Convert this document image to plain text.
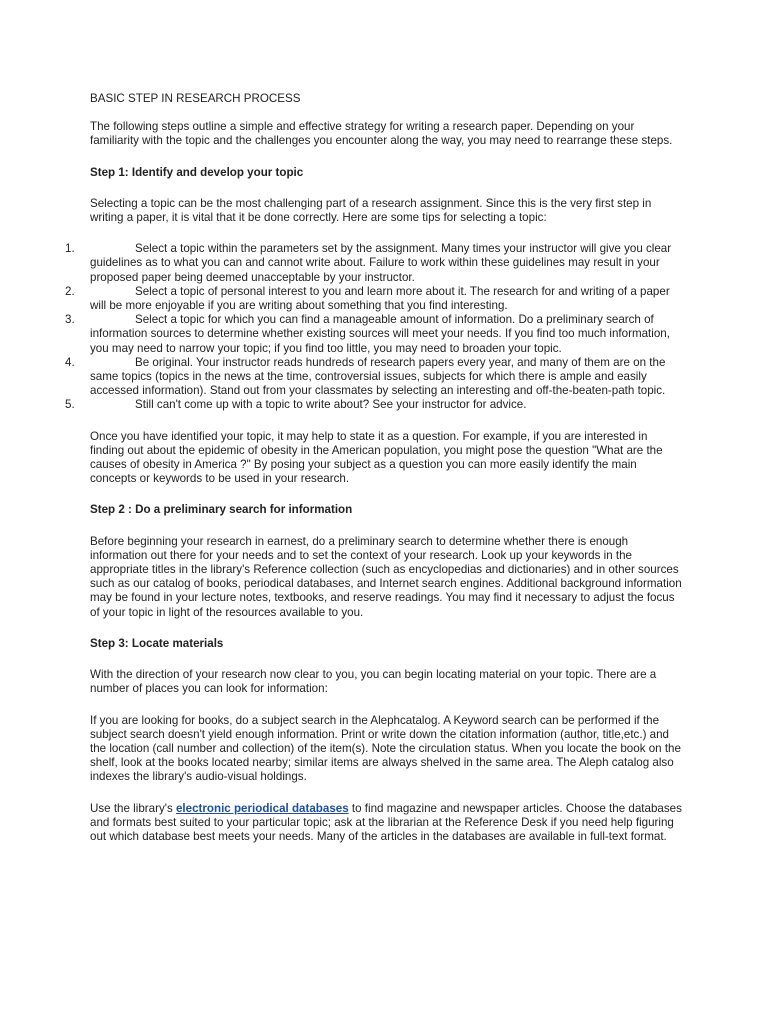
BASIC STEP IN RESEARCH PROCESS

The following steps outline a simple and effective strategy for writing a research paper. Depending on your familiarity with the topic and the challenges you encounter along the way, you may need to rearrange these steps.

Step 1: Identify and develop your topic

Selecting a topic can be the most challenging part of a research assignment. Since this is the very first step in writing a paper, it is vital that it be done correctly. Here are some tips for selecting a topic:

1.	Select a topic within the parameters set by the assignment. Many times your instructor will give you clear guidelines as to what you can and cannot write about. Failure to work within these guidelines may result in your proposed paper being deemed unacceptable by your instructor.
2.	Select a topic of personal interest to you and learn more about it. The research for and writing of a paper will be more enjoyable if you are writing about something that you find interesting.
3.	Select a topic for which you can find a manageable amount of information. Do a preliminary search of information sources to determine whether existing sources will meet your needs. If you find too much information, you may need to narrow your topic; if you find too little, you may need to broaden your topic.
4.	Be original. Your instructor reads hundreds of research papers every year, and many of them are on the same topics (topics in the news at the time, controversial issues, subjects for which there is ample and easily accessed information). Stand out from your classmates by selecting an interesting and off-the-beaten-path topic.
5.	Still can't come up with a topic to write about? See your instructor for advice.

Once you have identified your topic, it may help to state it as a question. For example, if you are interested in finding out about the epidemic of obesity in the American population, you might pose the question "What are the causes of obesity in America ?" By posing your subject as a question you can more easily identify the main concepts or keywords to be used in your research.

Step 2 : Do a preliminary search for information

Before beginning your research in earnest, do a preliminary search to determine whether there is enough information out there for your needs and to set the context of your research. Look up your keywords in the appropriate titles in the library's Reference collection (such as encyclopedias and dictionaries) and in other sources such as our catalog of books, periodical databases, and Internet search engines. Additional background information may be found in your lecture notes, textbooks, and reserve readings. You may find it necessary to adjust the focus of your topic in light of the resources available to you.

Step 3: Locate materials

With the direction of your research now clear to you, you can begin locating material on your topic. There are a number of places you can look for information:

If you are looking for books, do a subject search in the Alephcatalog. A Keyword search can be performed if the subject search doesn't yield enough information. Print or write down the citation information (author, title,etc.) and the location (call number and collection) of the item(s). Note the circulation status. When you locate the book on the shelf, look at the books located nearby; similar items are always shelved in the same area. The Aleph catalog also indexes the library's audio-visual holdings.

Use the library's electronic periodical databases to find magazine and newspaper articles. Choose the databases and formats best suited to your particular topic; ask at the librarian at the Reference Desk if you need help figuring out which database best meets your needs. Many of the articles in the databases are available in full-text format.
